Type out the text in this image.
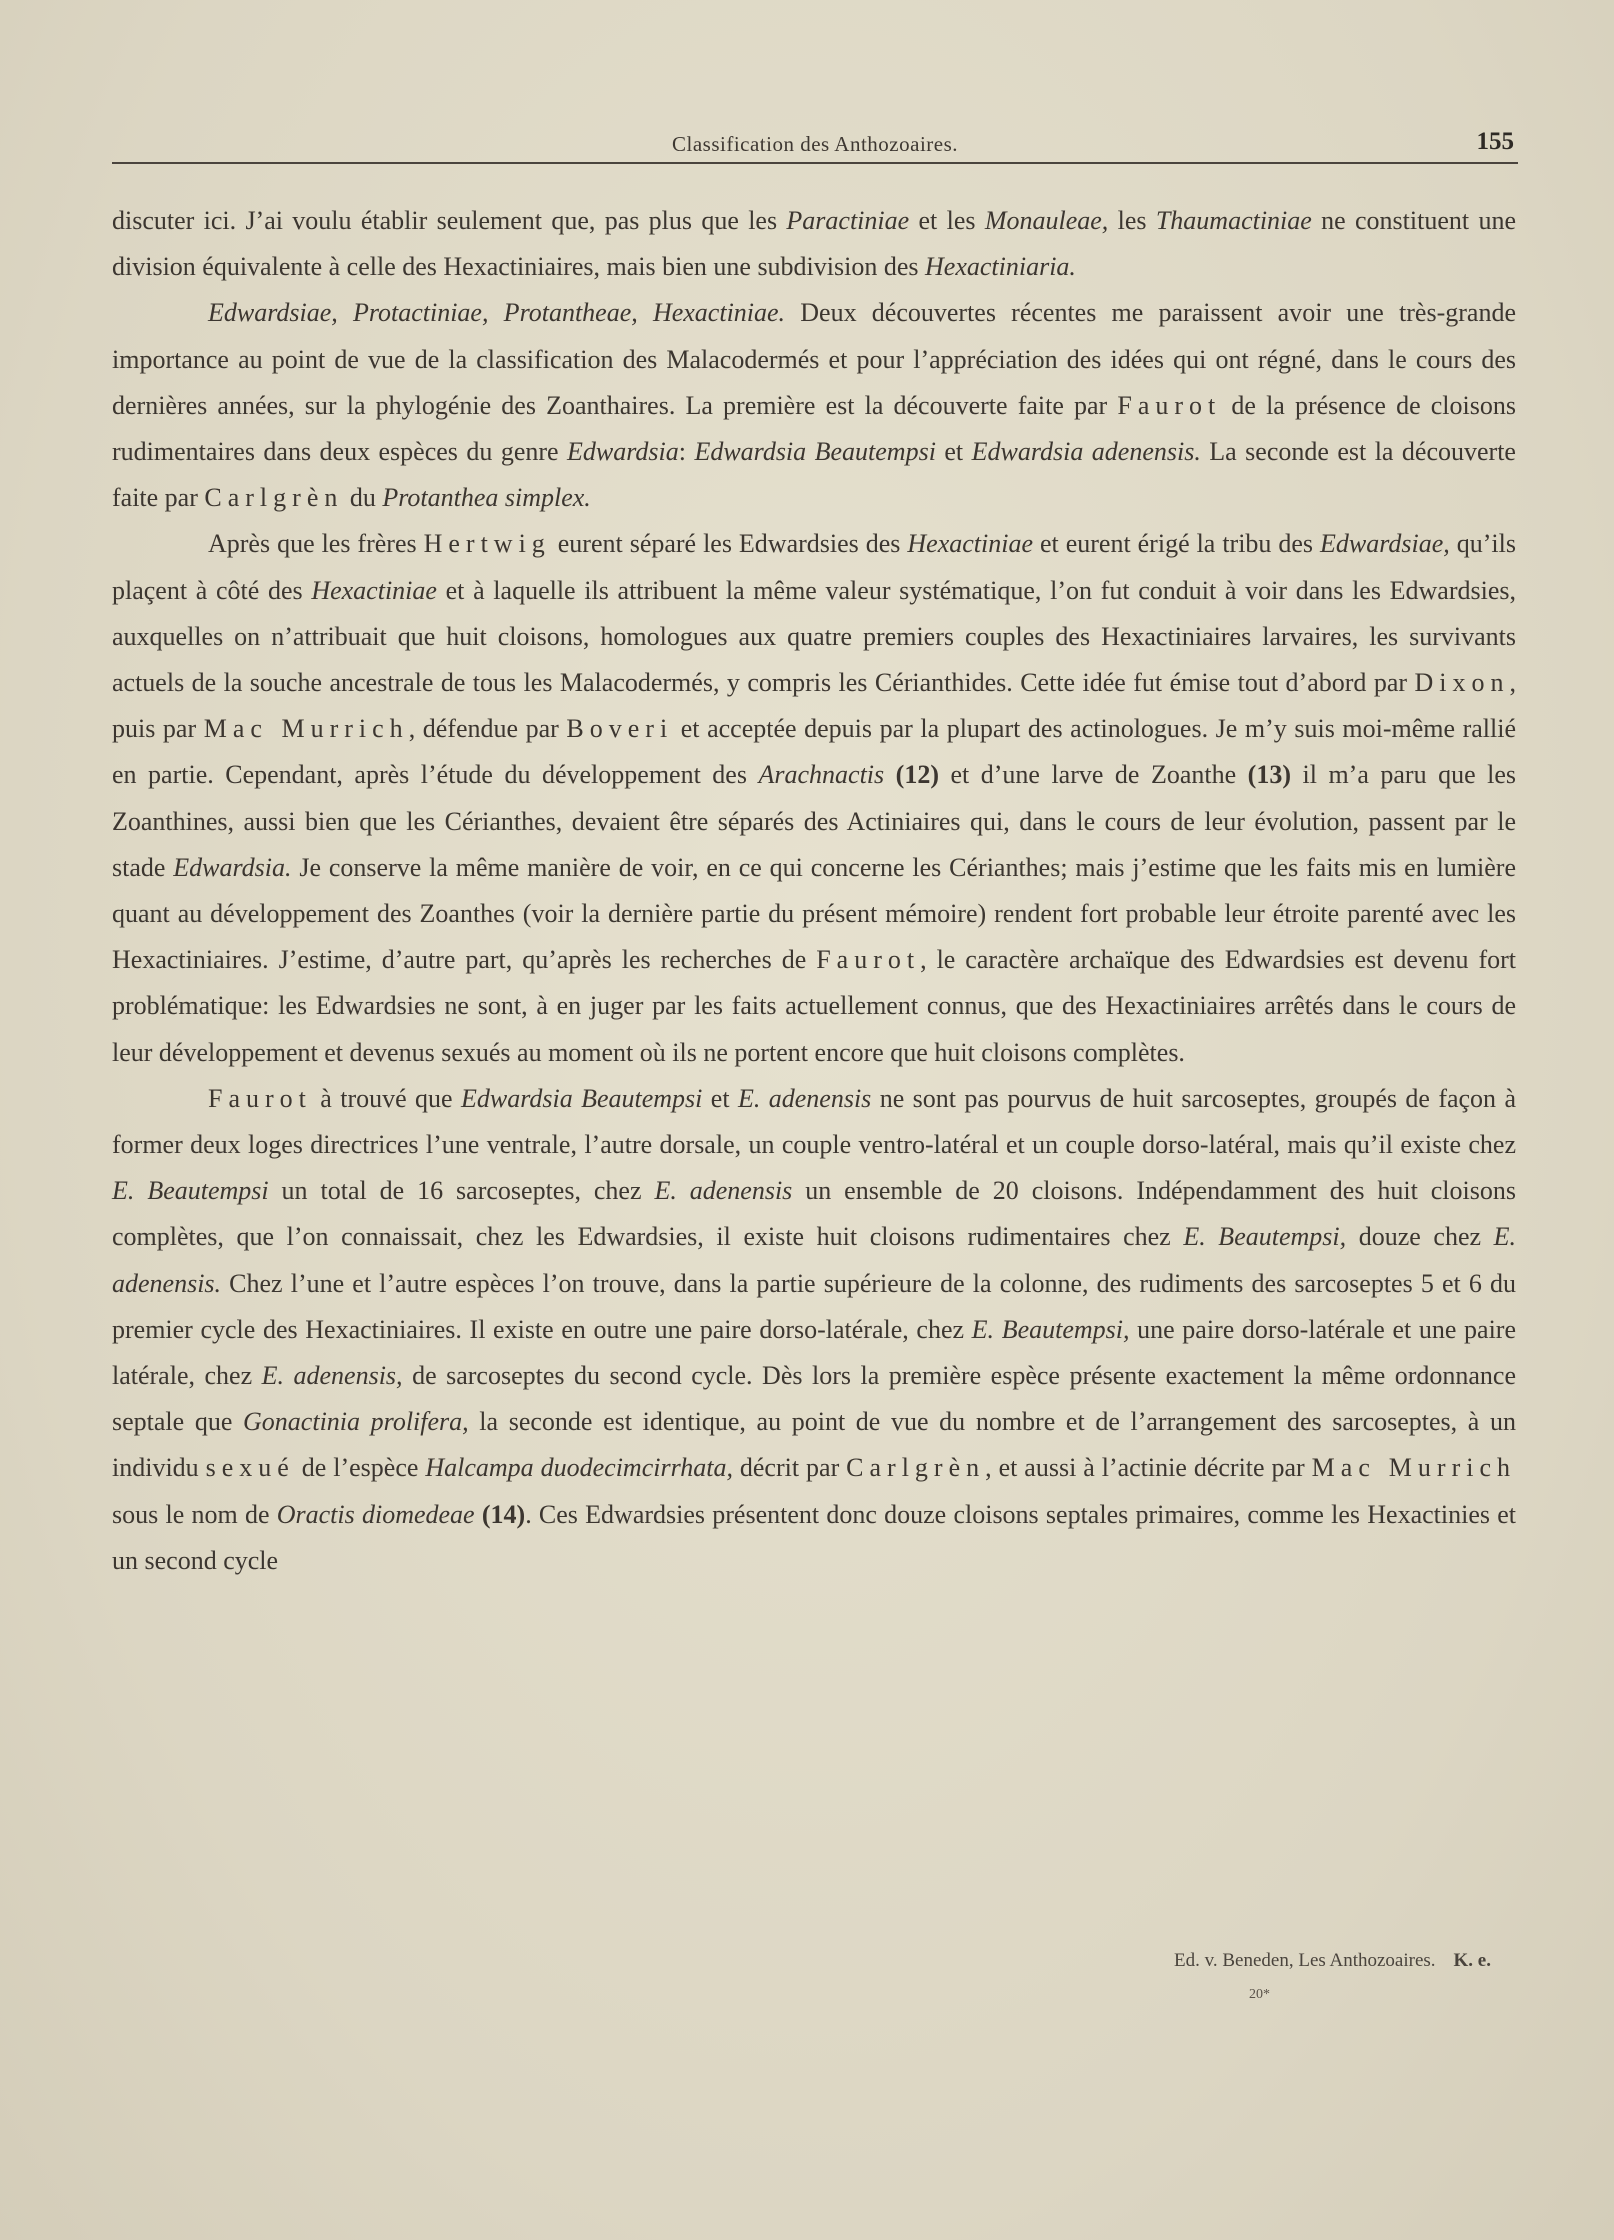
Classification des Anthozoaires.	155

discuter ici. J’ai voulu établir seulement que, pas plus que les Paractiniae et les Monauleae, les Thaumactiniae ne constituent une division équivalente à celle des Hexactiniaires, mais bien une subdivision des Hexactiniaria.

Edwardsiae, Protactiniae, Protantheae, Hexactiniae. Deux découvertes récentes me paraissent avoir une très-grande importance au point de vue de la classification des Malacodermés et pour l’appréciation des idées qui ont régné, dans le cours des dernières années, sur la phylogénie des Zoanthaires. La première est la découverte faite par Faurot de la présence de cloisons rudimentaires dans deux espèces du genre Edwardsia: Edwardsia Beautempsi et Edwardsia adenensis. La seconde est la découverte faite par Carlgrèn du Protanthea simplex.

Après que les frères Hertwig eurent séparé les Edwardsies des Hexactiniae et eurent érigé la tribu des Edwardsiae, qu’ils plaçent à côté des Hexactiniae et à laquelle ils attribuent la même valeur systématique, l’on fut conduit à voir dans les Edwardsies, auxquelles on n’attribuait que huit cloisons, homologues aux quatre premiers couples des Hexactiniaires larvaires, les survivants actuels de la souche ancestrale de tous les Malacodermés, y compris les Cérianthides. Cette idée fut émise tout d’abord par Dixon, puis par Mac Murrich, défendue par Boveri et acceptée depuis par la plupart des actinologues. Je m’y suis moi-même rallié en partie. Cependant, après l’étude du développement des Arachnactis (12) et d’une larve de Zoanthe (13) il m’a paru que les Zoanthines, aussi bien que les Cérianthes, devaient être séparés des Actiniaires qui, dans le cours de leur évolution, passent par le stade Edwardsia. Je conserve la même manière de voir, en ce qui concerne les Cérianthes; mais j’estime que les faits mis en lumière quant au développement des Zoanthes (voir la dernière partie du présent mémoire) rendent fort probable leur étroite parenté avec les Hexactiniaires. J’estime, d’autre part, qu’après les recherches de Faurot, le caractère archaïque des Edwardsies est devenu fort problématique: les Edwardsies ne sont, à en juger par les faits actuellement connus, que des Hexactiniaires arrêtés dans le cours de leur développement et devenus sexués au moment où ils ne portent encore que huit cloisons complètes.

Faurot à trouvé que Edwardsia Beautempsi et E. adenensis ne sont pas pourvus de huit sarcoseptes, groupés de façon à former deux loges directrices l’une ventrale, l’autre dorsale, un couple ventro-latéral et un couple dorso-latéral, mais qu’il existe chez E. Beautempsi un total de 16 sarcoseptes, chez E. adenensis un ensemble de 20 cloisons. Indépendamment des huit cloisons complètes, que l’on connaissait, chez les Edwardsies, il existe huit cloisons rudimentaires chez E. Beautempsi, douze chez E. adenensis. Chez l’une et l’autre espèces l’on trouve, dans la partie supérieure de la colonne, des rudiments des sarcoseptes 5 et 6 du premier cycle des Hexactiniaires. Il existe en outre une paire dorso-latérale, chez E. Beautempsi, une paire dorso-latérale et une paire latérale, chez E. adenensis, de sarcoseptes du second cycle. Dès lors la première espèce présente exactement la même ordonnance septale que Gonactinia prolifera, la seconde est identique, au point de vue du nombre et de l’arrangement des sarcoseptes, à un individu sexué de l’espèce Halcampa duodecimcirrhata, décrit par Carlgrèn, et aussi à l’actinie décrite par Mac Murrich sous le nom de Oractis diomedeae (14). Ces Edwardsies présentent donc douze cloisons septales primaires, comme les Hexactinies et un second cycle

Ed. v. Beneden, Les Anthozoaires. K. e.
20*
